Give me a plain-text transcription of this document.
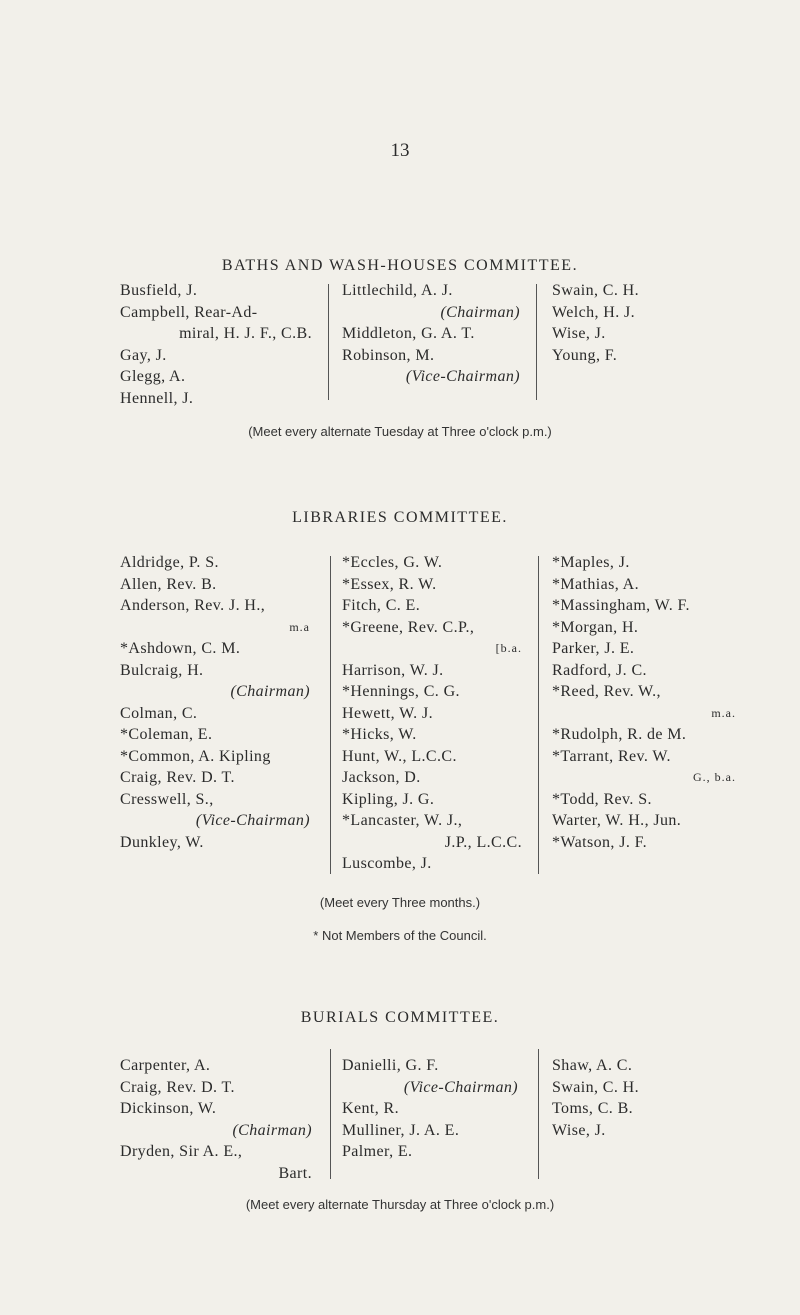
13
BATHS AND WASH-HOUSES COMMITTEE.
Busfield, J.
Campbell, Rear-Ad-
miral, H. J. F., C.B.
Gay, J.
Glegg, A.
Hennell, J.
Littlechild, A. J.
(Chairman)
Middleton, G. A. T.
Robinson, M.
(Vice-Chairman)
Swain, C. H.
Welch, H. J.
Wise, J.
Young, F.
(Meet every alternate Tuesday at Three o'clock p.m.)
LIBRARIES COMMITTEE.
Aldridge, P. S.
Allen, Rev. B.
Anderson, Rev. J. H.,
m.a
*Ashdown, C. M.
Bulcraig, H.
(Chairman)
Colman, C.
*Coleman, E.
*Common, A. Kipling
Craig, Rev. D. T.
Cresswell, S.,
(Vice-Chairman)
Dunkley, W.
*Eccles, G. W.
*Essex, R. W.
Fitch, C. E.
*Greene, Rev. C.P.,
[b.a.
Harrison, W. J.
*Hennings, C. G.
Hewett, W. J.
*Hicks, W.
Hunt, W., L.C.C.
Jackson, D.
Kipling, J. G.
*Lancaster, W. J.,
J.P., L.C.C.
Luscombe, J.
*Maples, J.
*Mathias, A.
*Massingham, W. F.
*Morgan, H.
Parker, J. E.
Radford, J. C.
*Reed, Rev. W.,
m.a.
*Rudolph, R. de M.
*Tarrant, Rev. W.
G., b.a.
*Todd, Rev. S.
Warter, W. H., Jun.
*Watson, J. F.
(Meet every Three months.)
* Not Members of the Council.
BURIALS COMMITTEE.
Carpenter, A.
Craig, Rev. D. T.
Dickinson, W.
(Chairman)
Dryden, Sir A. E.,
Bart.
Danielli, G. F.
(Vice-Chairman)
Kent, R.
Mulliner, J. A. E.
Palmer, E.
Shaw, A. C.
Swain, C. H.
Toms, C. B.
Wise, J.
(Meet every alternate Thursday at Three o'clock p.m.)
